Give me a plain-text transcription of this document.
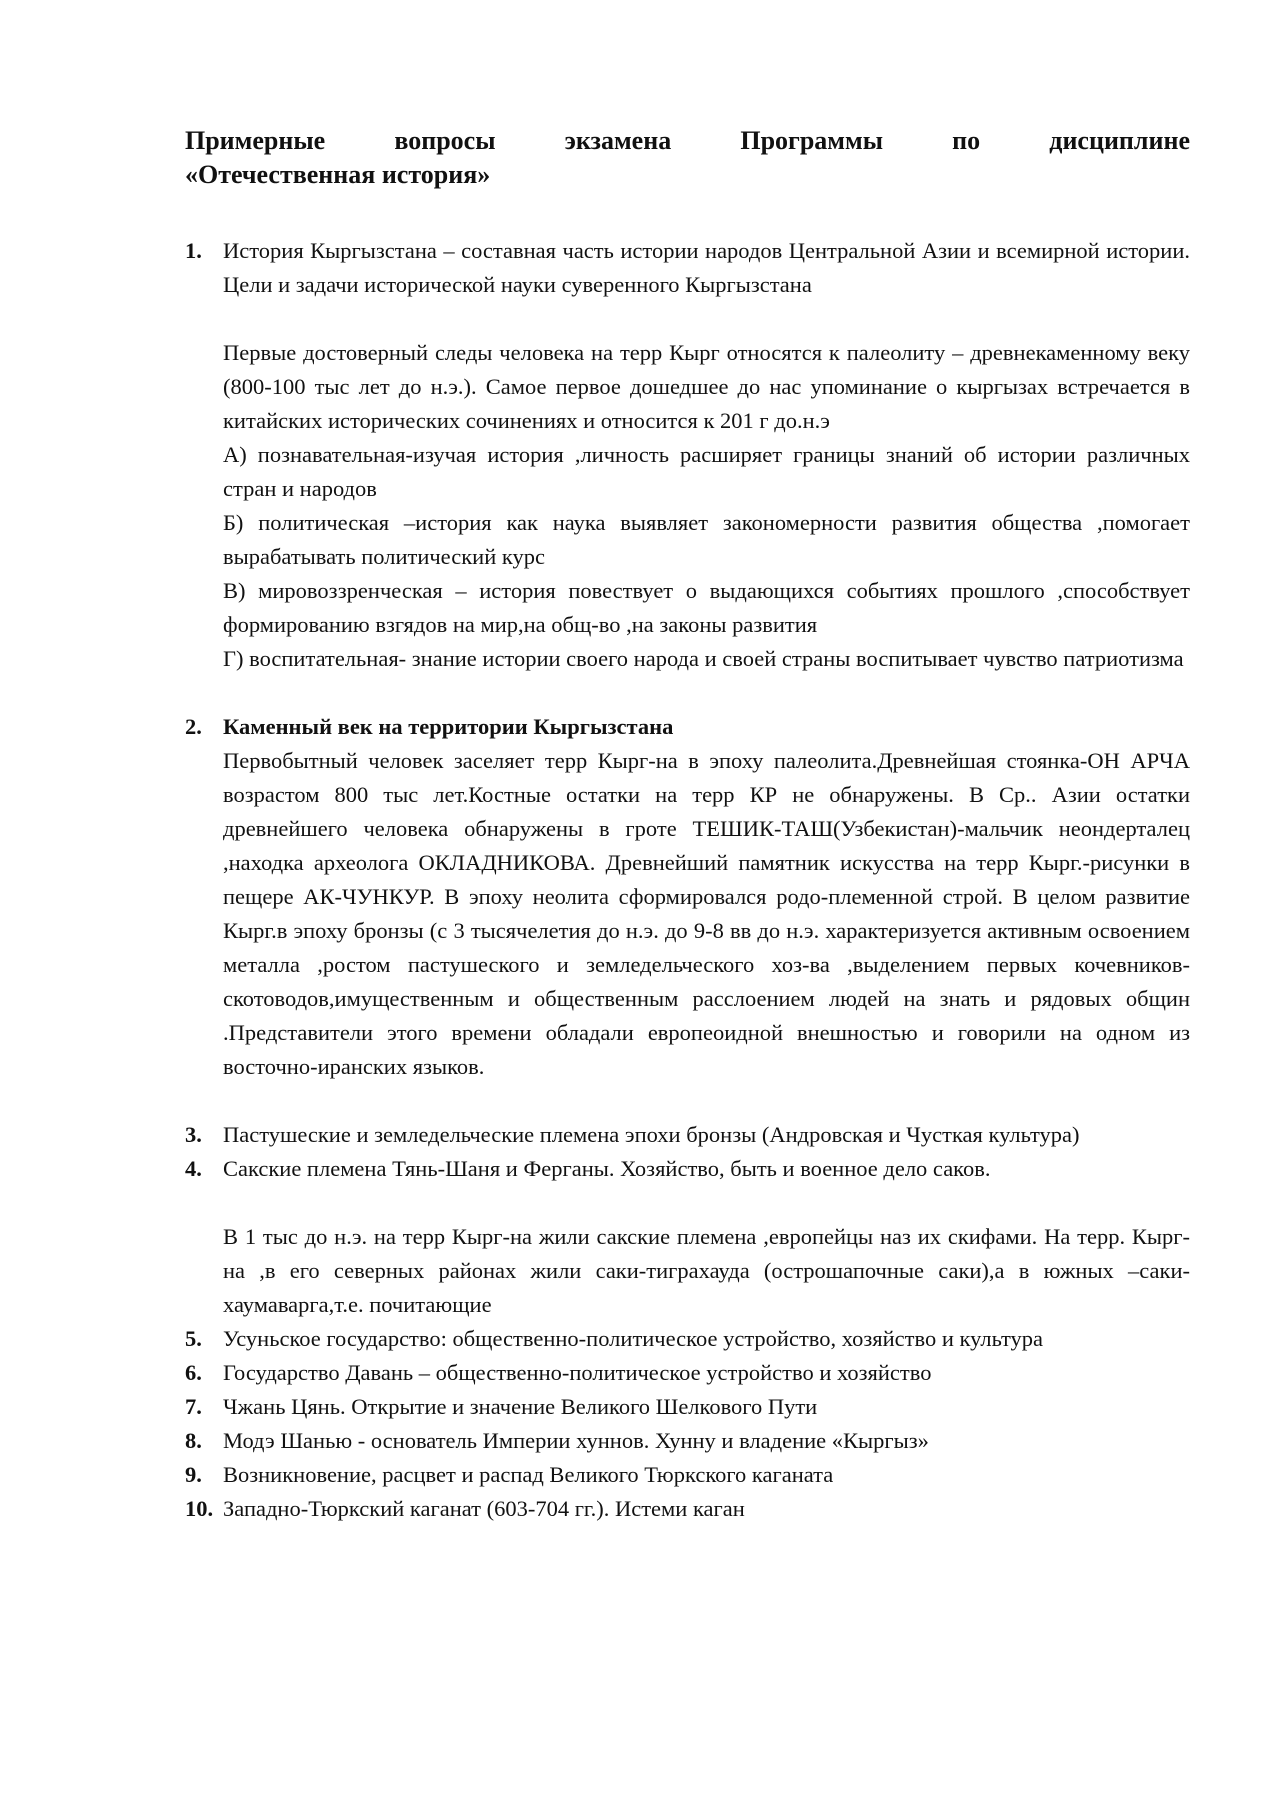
Примерные вопросы экзамена Программы по дисциплине
«Отечественная история»
1. История Кыргызстана – составная часть истории народов Центральной Азии и всемирной истории. Цели и задачи исторической науки суверенного Кыргызстана

Первые достоверный следы человека на терр Кырг относятся к палеолиту – древнекаменному веку (800-100 тыс лет до н.э.). Самое первое дошедшее до нас упоминание о кыргызах встречается в китайских исторических сочинениях и относится к 201 г до.н.э

А) познавательная-изучая история ,личность расширяет границы знаний об истории различных стран и народов

Б) политическая –история как наука выявляет закономерности развития общества ,помогает вырабатывать политический курс

В) мировоззренческая – история повествует о выдающихся событиях прошлого ,способствует формированию взгядов на мир,на общ-во ,на законы развития

Г) воспитательная- знание истории своего народа и своей страны воспитывает чувство патриотизма

2. Каменный век на территории Кыргызстана

Первобытный человек заселяет терр Кырг-на в эпоху палеолита.Древнейшая стоянка-ОН АРЧА возрастом 800 тыс лет.Костные остатки на терр КР не обнаружены. В Ср.. Азии остатки древнейшего человека обнаружены в гроте ТЕШИК-ТАШ(Узбекистан)-мальчик неондерталец ,находка археолога ОКЛАДНИКОВА. Древнейший памятник искусства на терр Кырг.-рисунки в пещере АК-ЧУНКУР. В эпоху неолита сформировался родо-племенной строй. В целом развитие Кырг.в эпоху бронзы (с 3 тысячелетия до н.э. до 9-8 вв до н.э. характеризуется активным освоением металла ,ростом пастушеского и земледельческого хоз-ва ,выделением первых кочевников-скотоводов,имущественным и общественным расслоением людей на знать и рядовых общин .Представители этого времени обладали европеоидной внешностью и говорили на одном из восточно-иранских языков.

3. Пастушеские и земледельческие племена эпохи бронзы (Андровская и Чусткая культура)
4. Сакские племена Тянь-Шаня и Ферганы. Хозяйство, быть и военное дело саков.

В 1 тыс до н.э. на терр Кырг-на жили сакские племена ,европейцы наз их скифами. На терр. Кырг-на ,в его северных районах жили саки-тиграхауда (острошапочные саки),а в южных –саки-хаумаварга,т.е. почитающие

5. Усуньское государство: общественно-политическое устройство, хозяйство и культура
6. Государство Давань – общественно-политическое устройство и хозяйство
7. Чжань Цянь. Открытие и значение Великого Шелкового Пути
8. Модэ Шанью - основатель Империи хуннов. Хунну и владение «Кыргыз»
9. Возникновение, расцвет и распад Великого Тюркского каганата
10. Западно-Тюркский каганат (603-704 гг.). Истеми каган
